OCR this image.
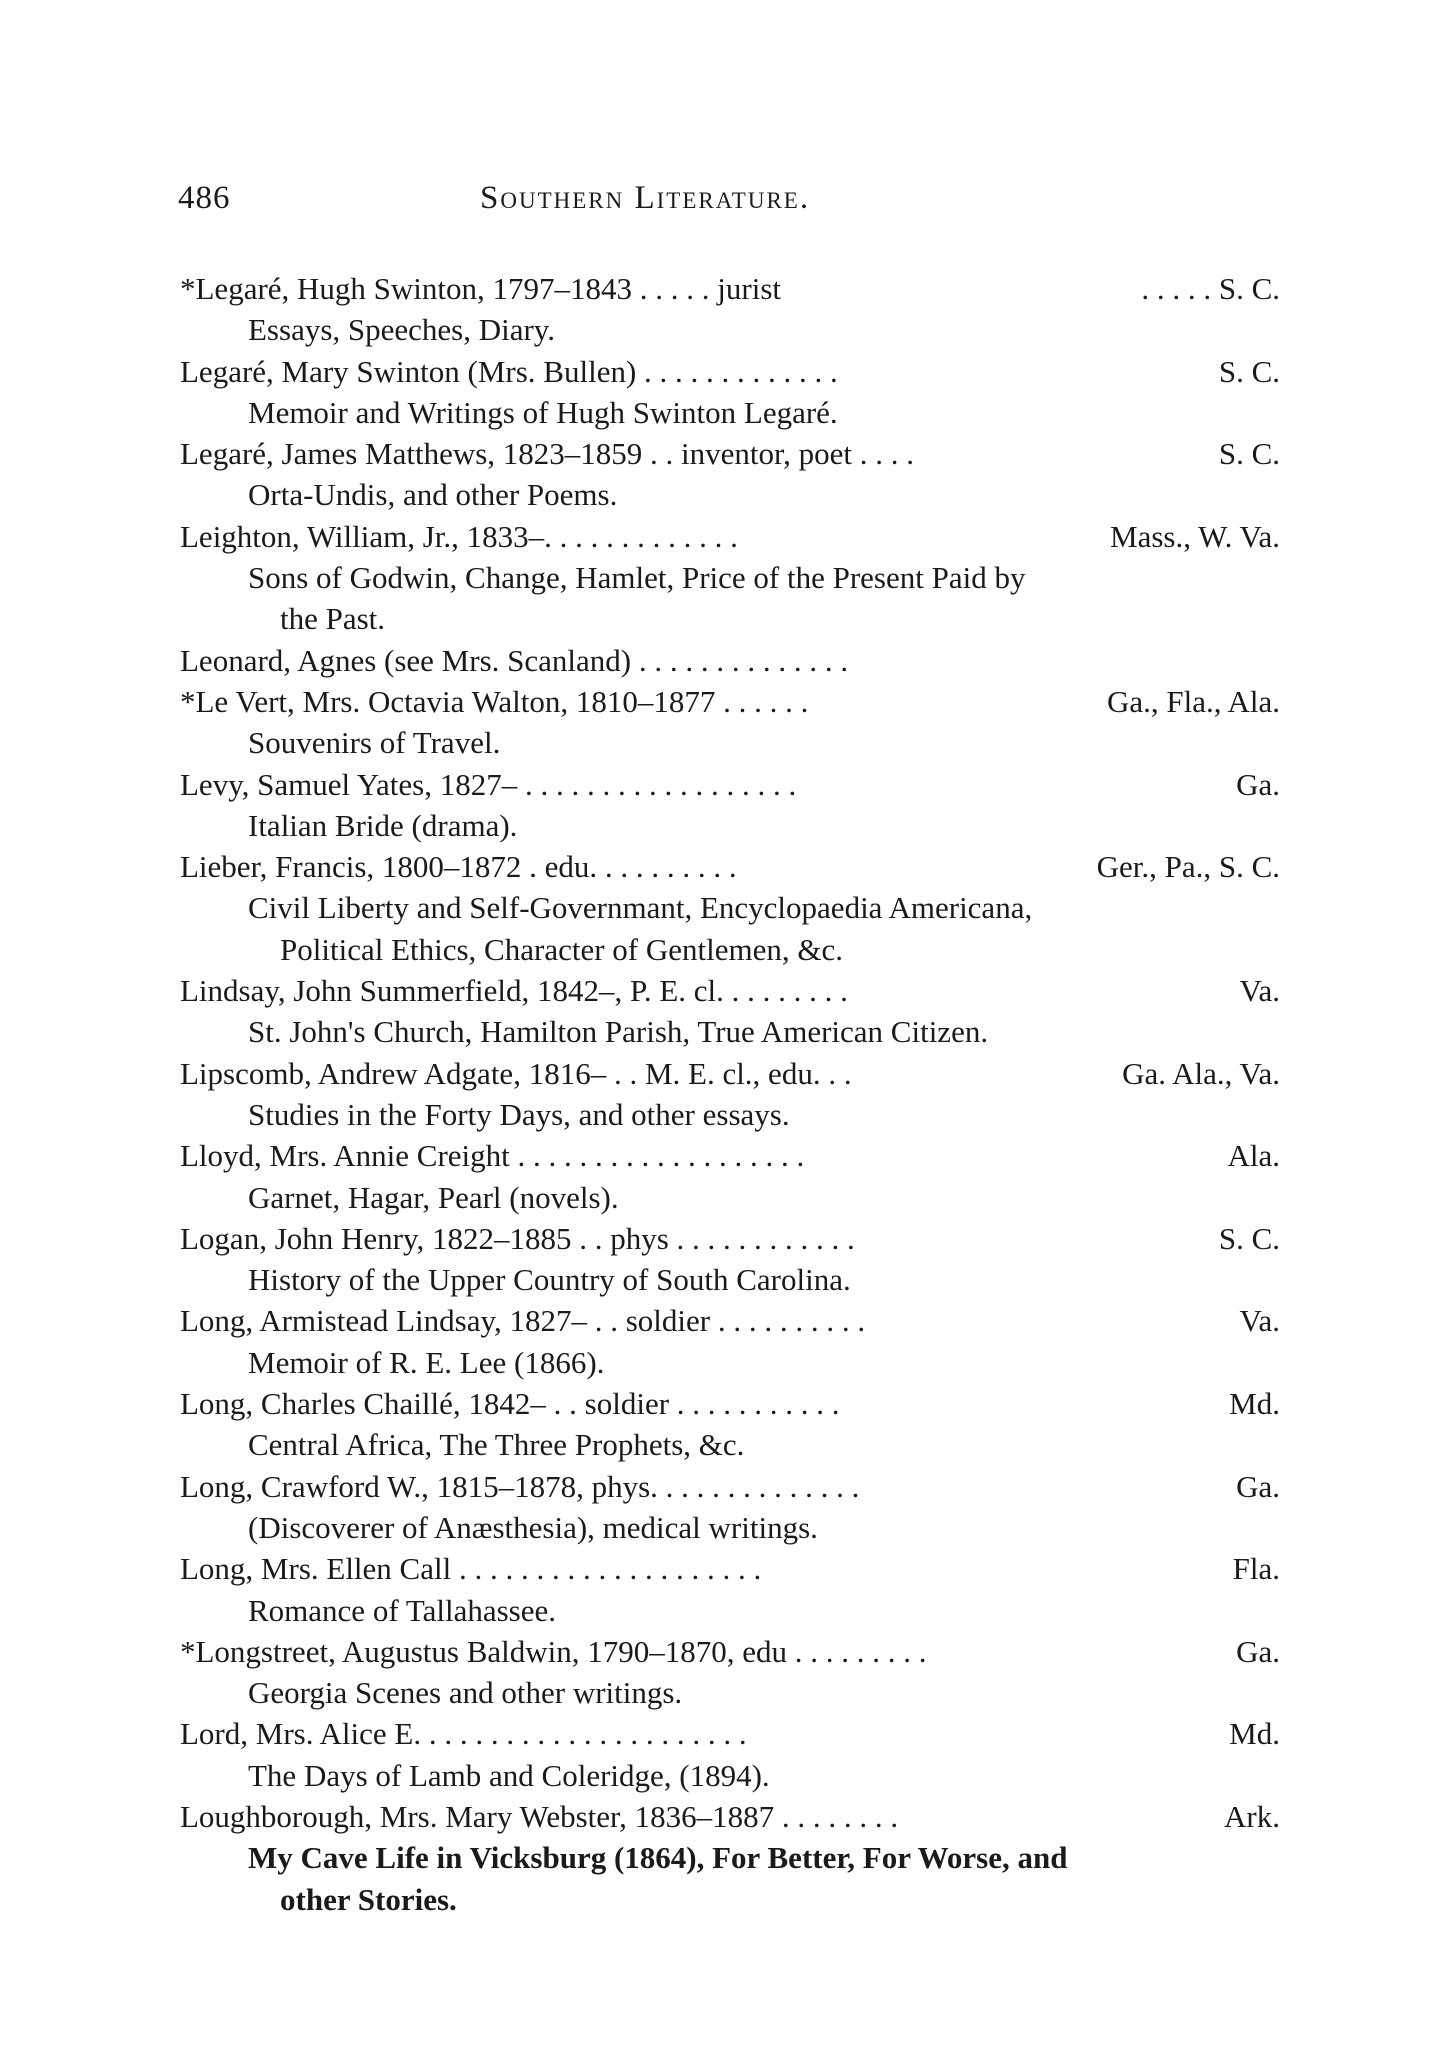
486	Southern Literature.
*Legaré, Hugh Swinton, 1797–1843 . . . . . jurist	. . . . . S. C.
Essays, Speeches, Diary.
Legaré, Mary Swinton (Mrs. Bullen) . . . . . . . . . . . . .	S. C.
Memoir and Writings of Hugh Swinton Legaré.
Legaré, James Matthews, 1823–1859 . . inventor, poet . . . .	S. C.
Orta-Undis, and other Poems.
Leighton, William, Jr., 1833–. . . . . . . . . . . . .	Mass., W. Va.
Sons of Godwin, Change, Hamlet, Price of the Present Paid by
the Past.
Leonard, Agnes (see Mrs. Scanland) . . . . . . . . . . . . . .
*Le Vert, Mrs. Octavia Walton, 1810–1877 . . . . . .	Ga., Fla., Ala.
Souvenirs of Travel.
Levy, Samuel Yates, 1827– . . . . . . . . . . . . . . . . . .	Ga.
Italian Bride (drama).
Lieber, Francis, 1800–1872 . edu. . . . . . . . . .	Ger., Pa., S. C.
Civil Liberty and Self-Governmant, Encyclopaedia Americana,
Political Ethics, Character of Gentlemen, &c.
Lindsay, John Summerfield, 1842–, P. E. cl. . . . . . . . .	Va.
St. John's Church, Hamilton Parish, True American Citizen.
Lipscomb, Andrew Adgate, 1816– . . M. E. cl., edu. . .	Ga. Ala., Va.
Studies in the Forty Days, and other essays.
Lloyd, Mrs. Annie Creight . . . . . . . . . . . . . . . . . . .	Ala.
Garnet, Hagar, Pearl (novels).
Logan, John Henry, 1822–1885 . . phys . . . . . . . . . . . .	S. C.
History of the Upper Country of South Carolina.
Long, Armistead Lindsay, 1827– . . soldier . . . . . . . . . .	Va.
Memoir of R. E. Lee (1866).
Long, Charles Chaillé, 1842– . . soldier . . . . . . . . . . .	Md.
Central Africa, The Three Prophets, &c.
Long, Crawford W., 1815–1878, phys. . . . . . . . . . . . . .	Ga.
(Discoverer of Anæsthesia), medical writings.
Long, Mrs. Ellen Call . . . . . . . . . . . . . . . . . . . .	Fla.
Romance of Tallahassee.
*Longstreet, Augustus Baldwin, 1790–1870, edu . . . . . . . . .	Ga.
Georgia Scenes and other writings.
Lord, Mrs. Alice E. . . . . . . . . . . . . . . . . . . . . .	Md.
The Days of Lamb and Coleridge, (1894).
Loughborough, Mrs. Mary Webster, 1836–1887 . . . . . . . .	Ark.
My Cave Life in Vicksburg (1864), For Better, For Worse, and
other Stories.
